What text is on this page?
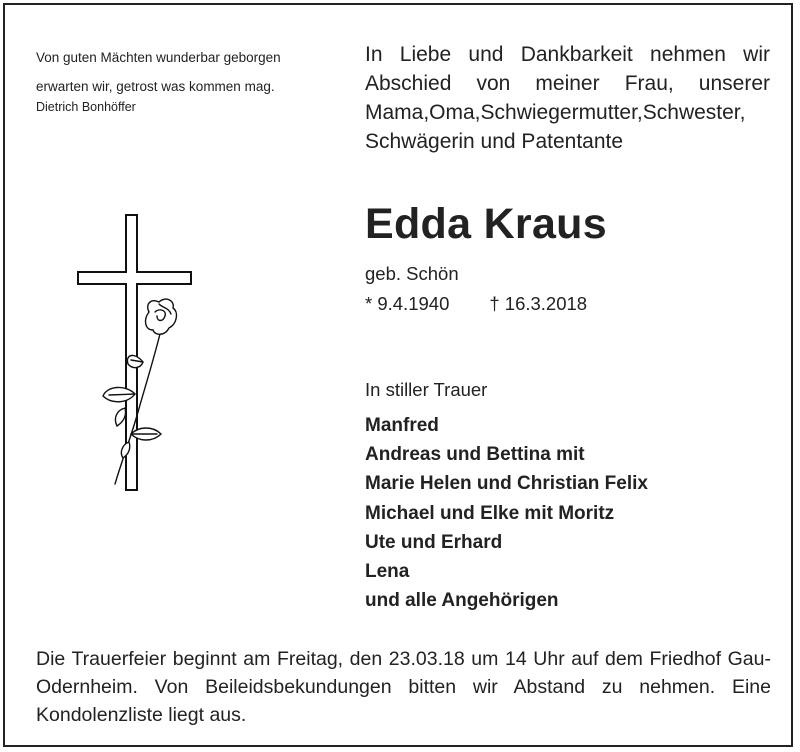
Von guten Mächten wunderbar geborgen
erwarten wir, getrost was kommen mag.
Dietrich Bonhöffer
In Liebe und Dankbarkeit nehmen wir Abschied von meiner Frau, unserer Mama,Oma,Schwiegermutter,Schwester, Schwägerin und Patentante
Edda Kraus
geb. Schön
* 9.4.1940 † 16.3.2018
In stiller Trauer
Manfred
Andreas und Bettina mit
Marie Helen und Christian Felix
Michael und Elke mit Moritz
Ute und Erhard
Lena
und alle Angehörigen
Die Trauerfeier beginnt am Freitag, den 23.03.18 um 14 Uhr auf dem Friedhof Gau-Odernheim. Von Beileidsbekundungen bitten wir Abstand zu nehmen. Eine Kondolenzliste liegt aus.
